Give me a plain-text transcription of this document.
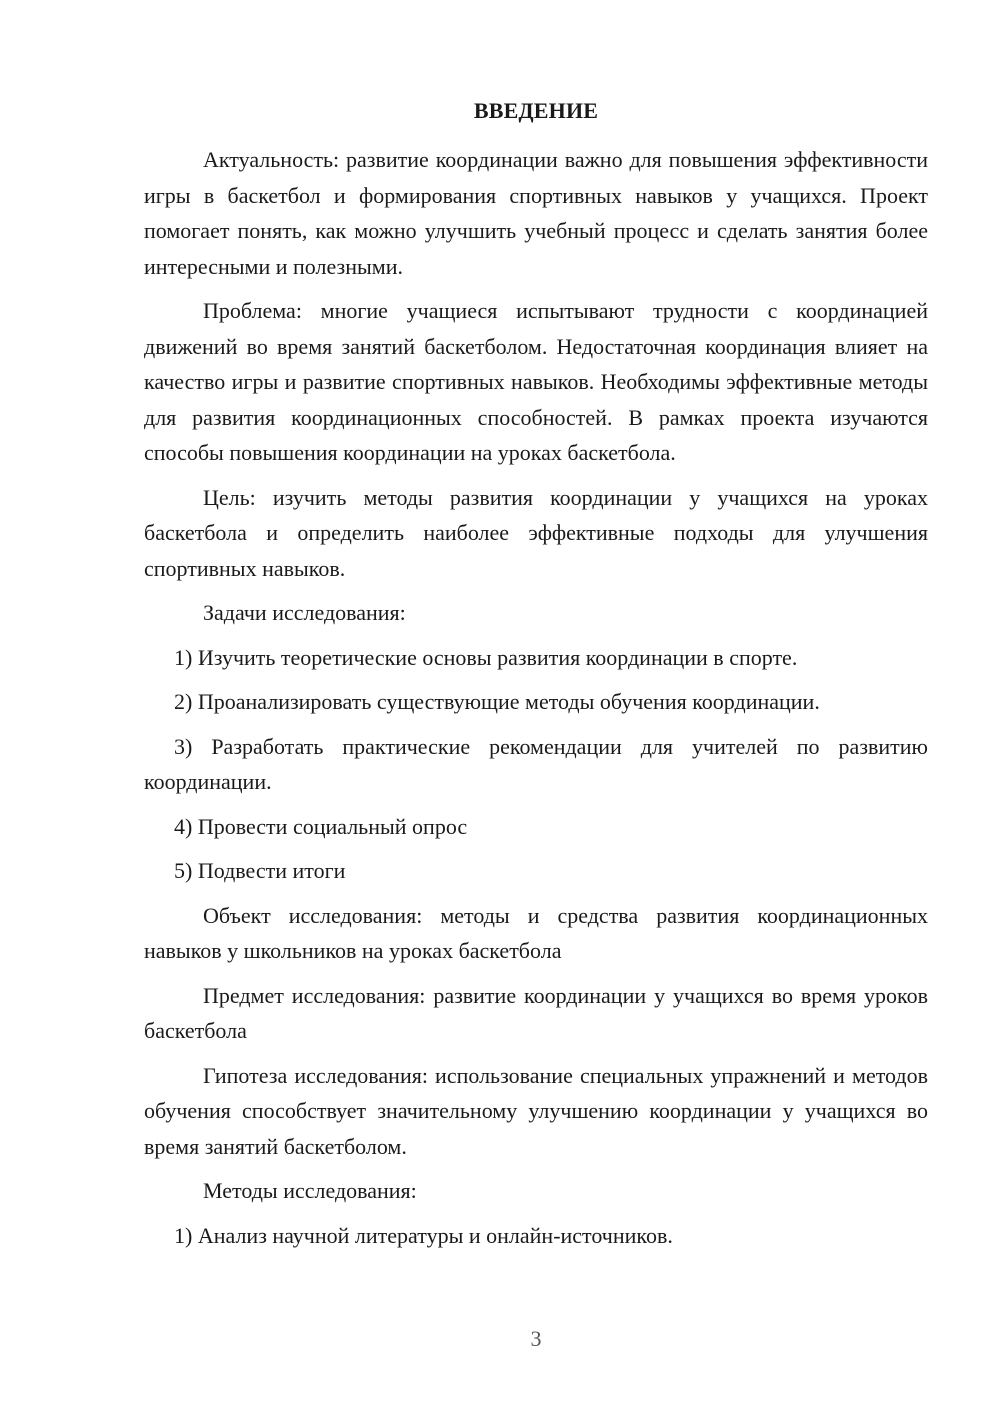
ВВЕДЕНИЕ

Актуальность: развитие координации важно для повышения эффективности игры в баскетбол и формирования спортивных навыков у учащихся. Проект помогает понять, как можно улучшить учебный процесс и сделать занятия более интересными и полезными.

Проблема: многие учащиеся испытывают трудности с координацией движений во время занятий баскетболом. Недостаточная координация влияет на качество игры и развитие спортивных навыков. Необходимы эффективные методы для развития координационных способностей. В рамках проекта изучаются способы повышения координации на уроках баскетбола.

Цель: изучить методы развития координации у учащихся на уроках баскетбола и определить наиболее эффективные подходы для улучшения спортивных навыков.

Задачи исследования:

1) Изучить теоретические основы развития координации в спорте.

2) Проанализировать существующие методы обучения координации.

3) Разработать практические рекомендации для учителей по развитию координации.

4) Провести социальный опрос

5) Подвести итоги

Объект исследования: методы и средства развития координационных навыков у школьников на уроках баскетбола

Предмет исследования: развитие координации у учащихся во время уроков баскетбола

Гипотеза исследования: использование специальных упражнений и методов обучения способствует значительному улучшению координации у учащихся во время занятий баскетболом.

Методы исследования:

1) Анализ научной литературы и онлайн-источников.

3
